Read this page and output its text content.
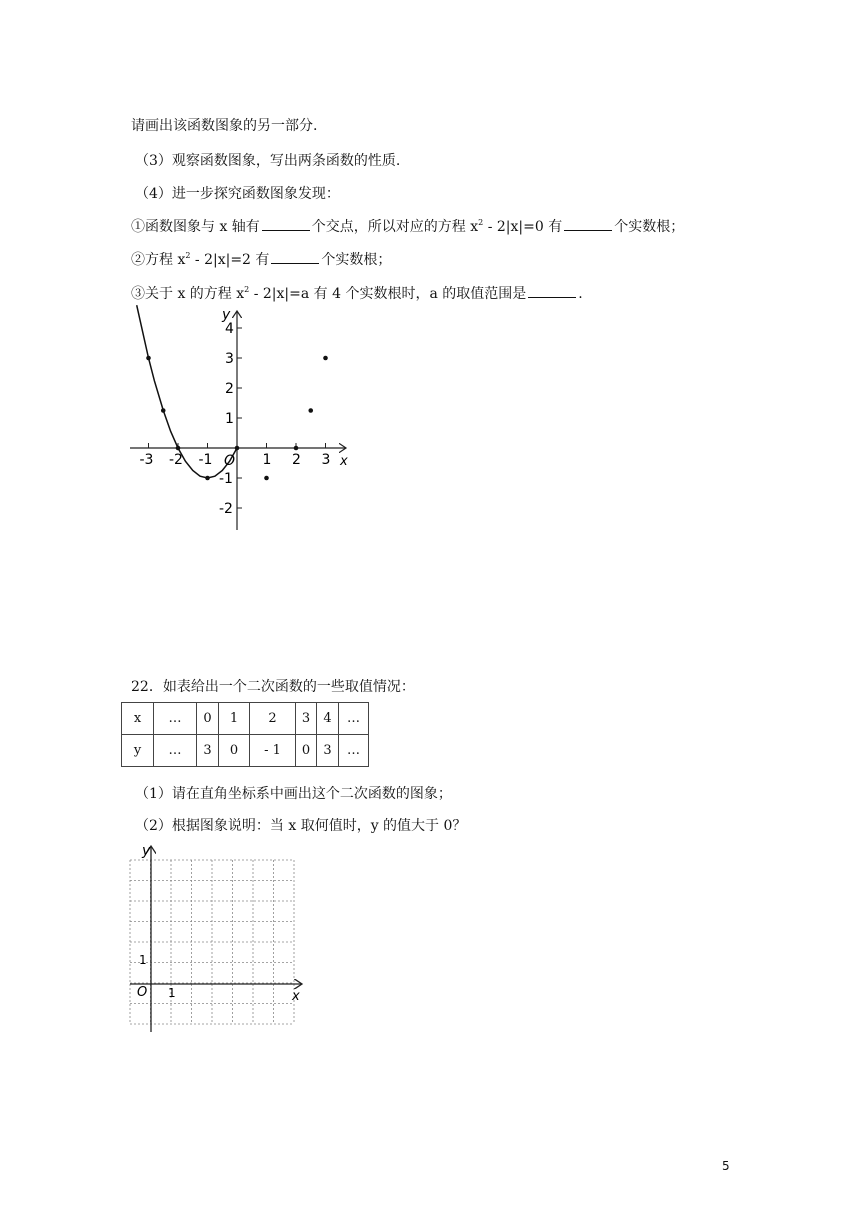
请画出该函数图象的另一部分.
（3）观察函数图象，写出两条函数的性质.
（4）进一步探究函数图象发现：
①函数图象与 x 轴有	个交点，所以对应的方程 $x^2 - 2|x|=0$ 有	个实数根；
②方程 $x^2 - 2|x|=2$ 有	个实数根；
③关于 x 的方程 $x^2 - 2|x|=a$ 有 4 个实数根时，a 的取值范围是	.
-3 -2 -1	1 2 3
4
3
2
1
-1
-2
y
x
O
22．如表给出一个二次函数的一些取值情况：
x	…	0	1	2	3	4	…
y	…	3	0	- 1	0	3	…
（1）请在直角坐标系中画出这个二次函数的图象；
（2）根据图象说明：当 x 取何值时，y 的值大于 0？
y
x
O 1
1
5
